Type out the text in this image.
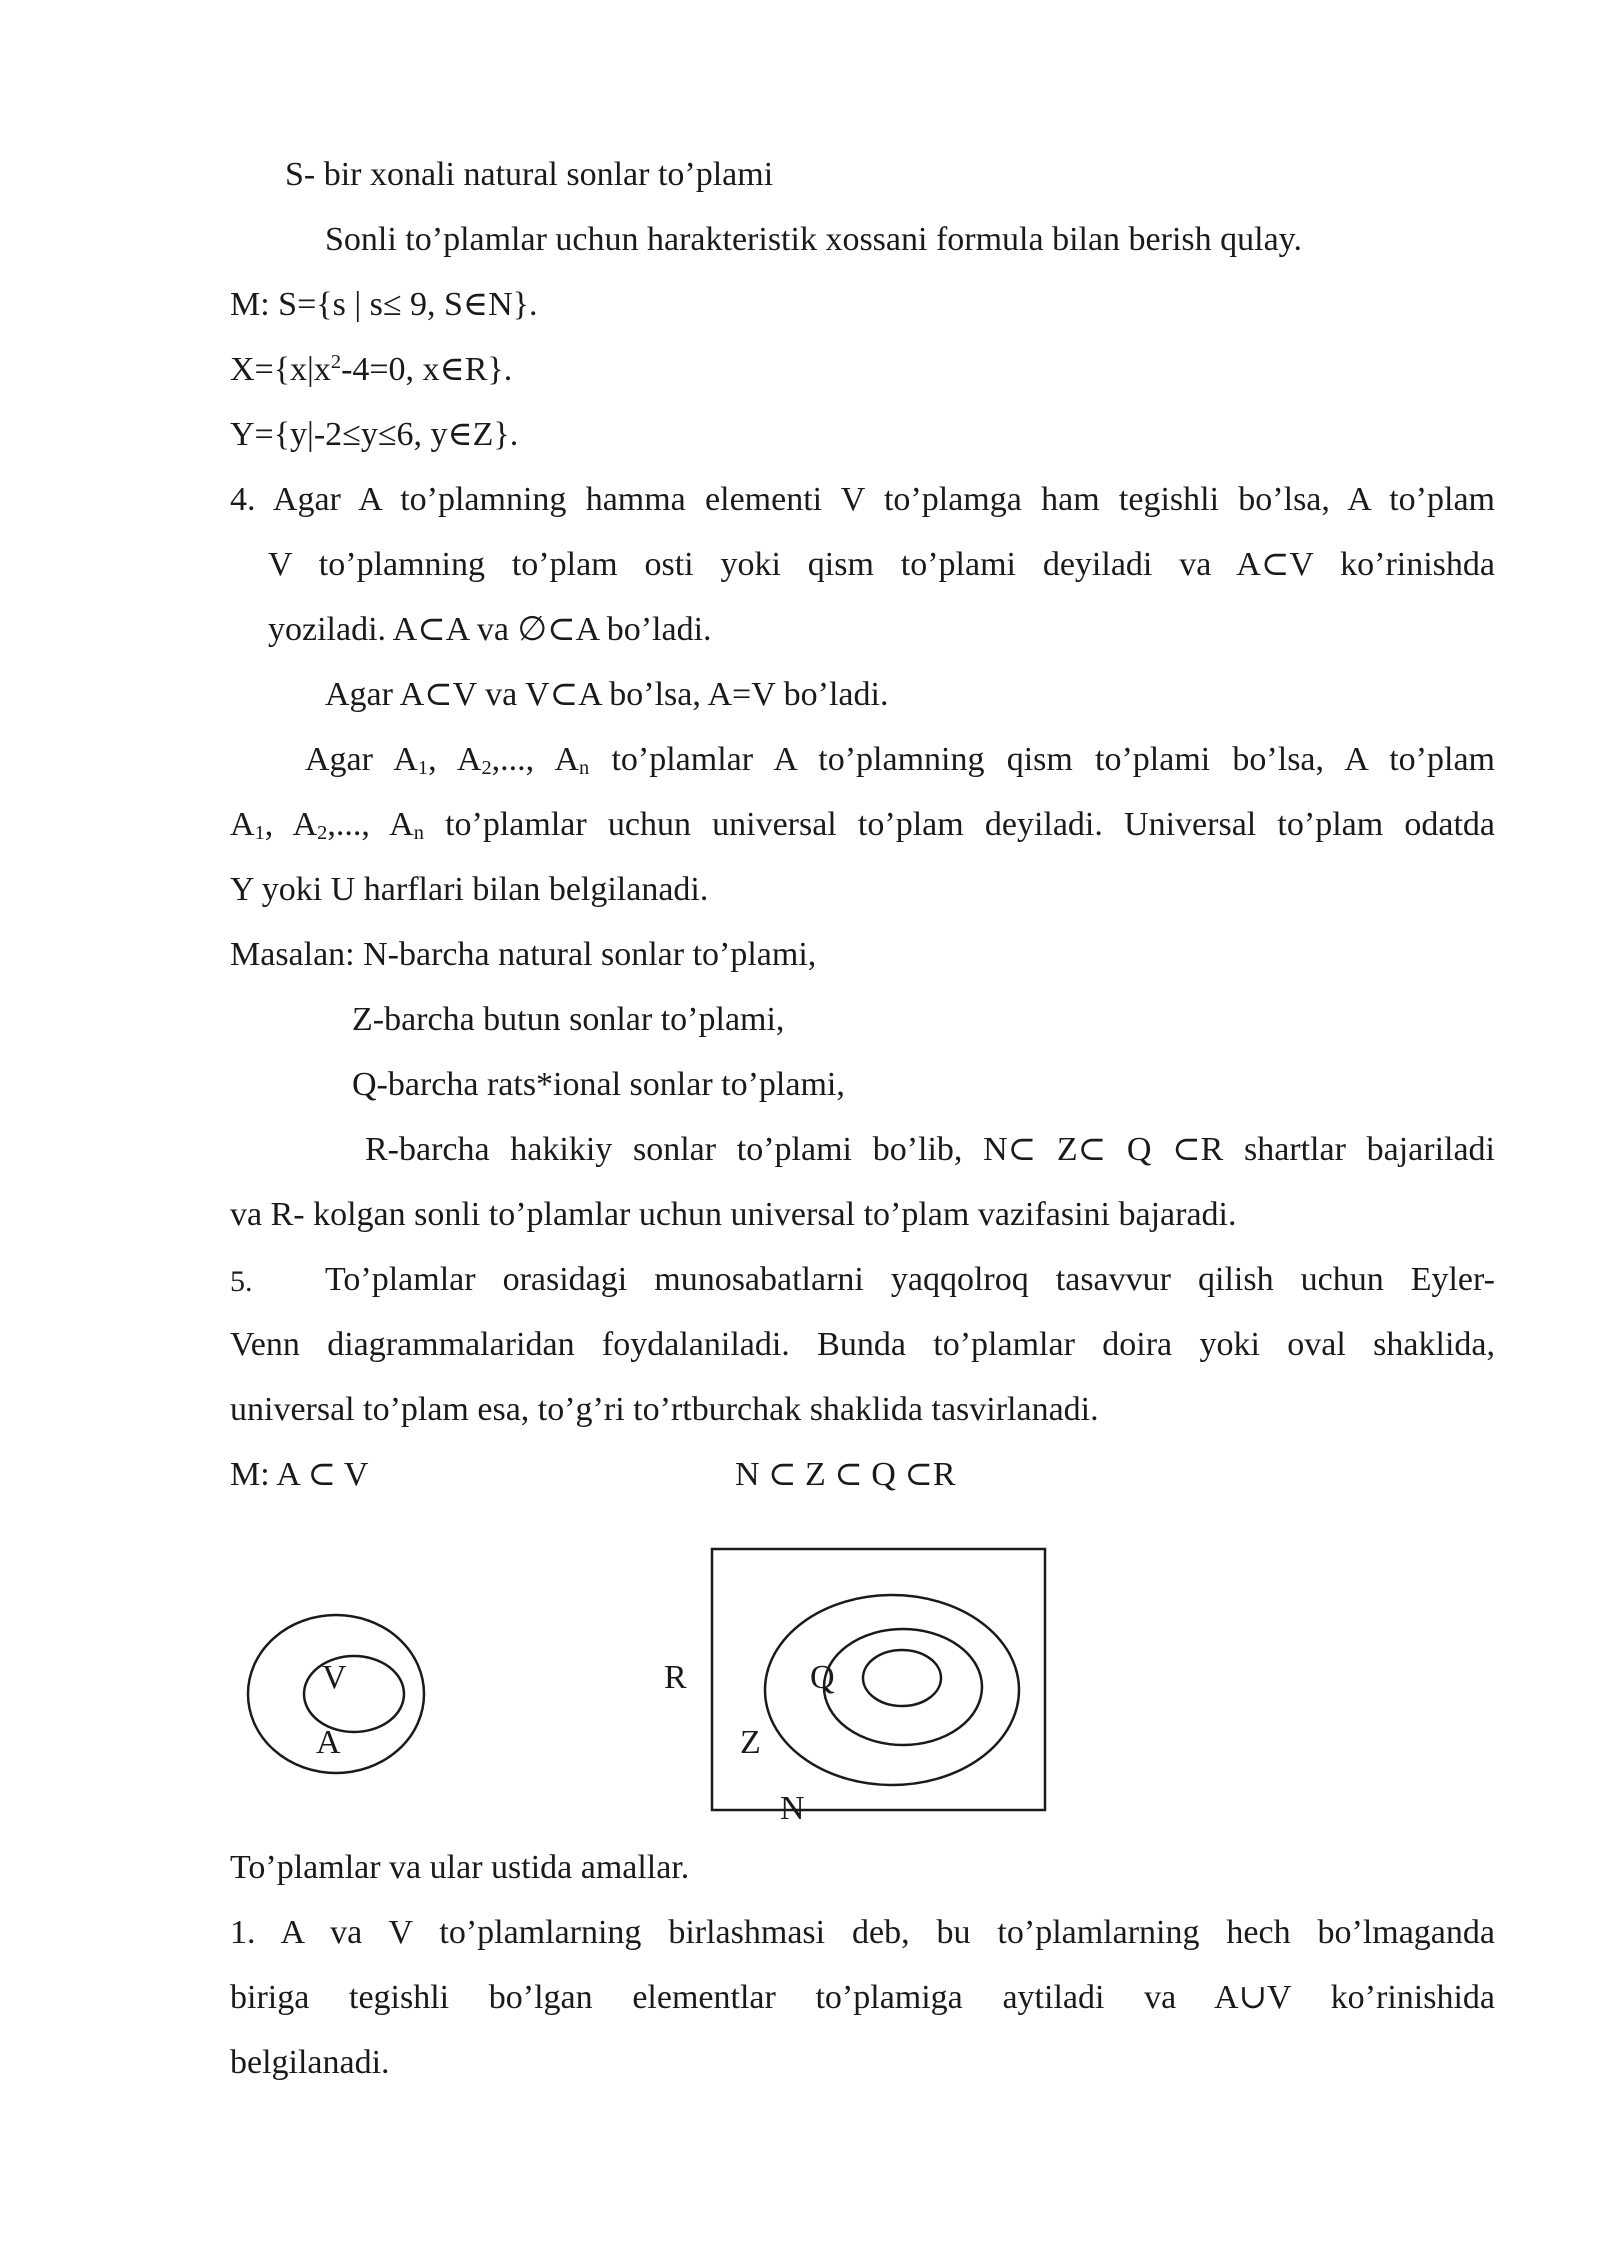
S- bir xonali natural sonlar to’plami
Sonli to’plamlar uchun harakteristik xossani formula bilan berish qulay.
M: S={s | s≤ 9, S∈N}.
$X=\{x|x^2-4=0$, x∈R}.
Y={y|-2≤y≤6, y∈Z}.
4. Agar A to’plamning hamma elementi V to’plamga ham tegishli bo’lsa, A to’plam
V to’plamning to’plam osti yoki qism to’plami deyiladi va A⊂V ko’rinishda
yoziladi. A⊂A va ∅⊂A bo’ladi.
Agar A⊂V va V⊂A bo’lsa, A=V bo’ladi.
Agar $A_1$, $A_2$,..., $A_n$ to’plamlar A to’plamning qism to’plami bo’lsa, A to’plam
$A_1$, $A_2$,..., $A_n$ to’plamlar uchun universal to’plam deyiladi. Universal to’plam odatda
Y yoki U harflari bilan belgilanadi.
Masalan: N-barcha natural sonlar to’plami,
Z-barcha butun sonlar to’plami,
Q-barcha rats*ional sonlar to’plami,
R-barcha hakikiy sonlar to’plami bo’lib, N⊂ Z⊂ Q ⊂R shartlar bajariladi
va R- kolgan sonli to’plamlar uchun universal to’plam vazifasini bajaradi.
5. To’plamlar orasidagi munosabatlarni yaqqolroq tasavvur qilish uchun Eyler-
Venn diagrammalaridan foydalaniladi. Bunda to’plamlar doira yoki oval shaklida,
universal to’plam esa, to’g’ri to’rtburchak shaklida tasvirlanadi.
M: A ⊂ V	N ⊂ Z ⊂ Q ⊂R
V
A
R	Q
Z
N
To’plamlar va ular ustida amallar.
1. A va V to’plamlarning birlashmasi deb, bu to’plamlarning hech bo’lmaganda
biriga tegishli bo’lgan elementlar to’plamiga aytiladi va A∪V ko’rinishida
belgilanadi.
